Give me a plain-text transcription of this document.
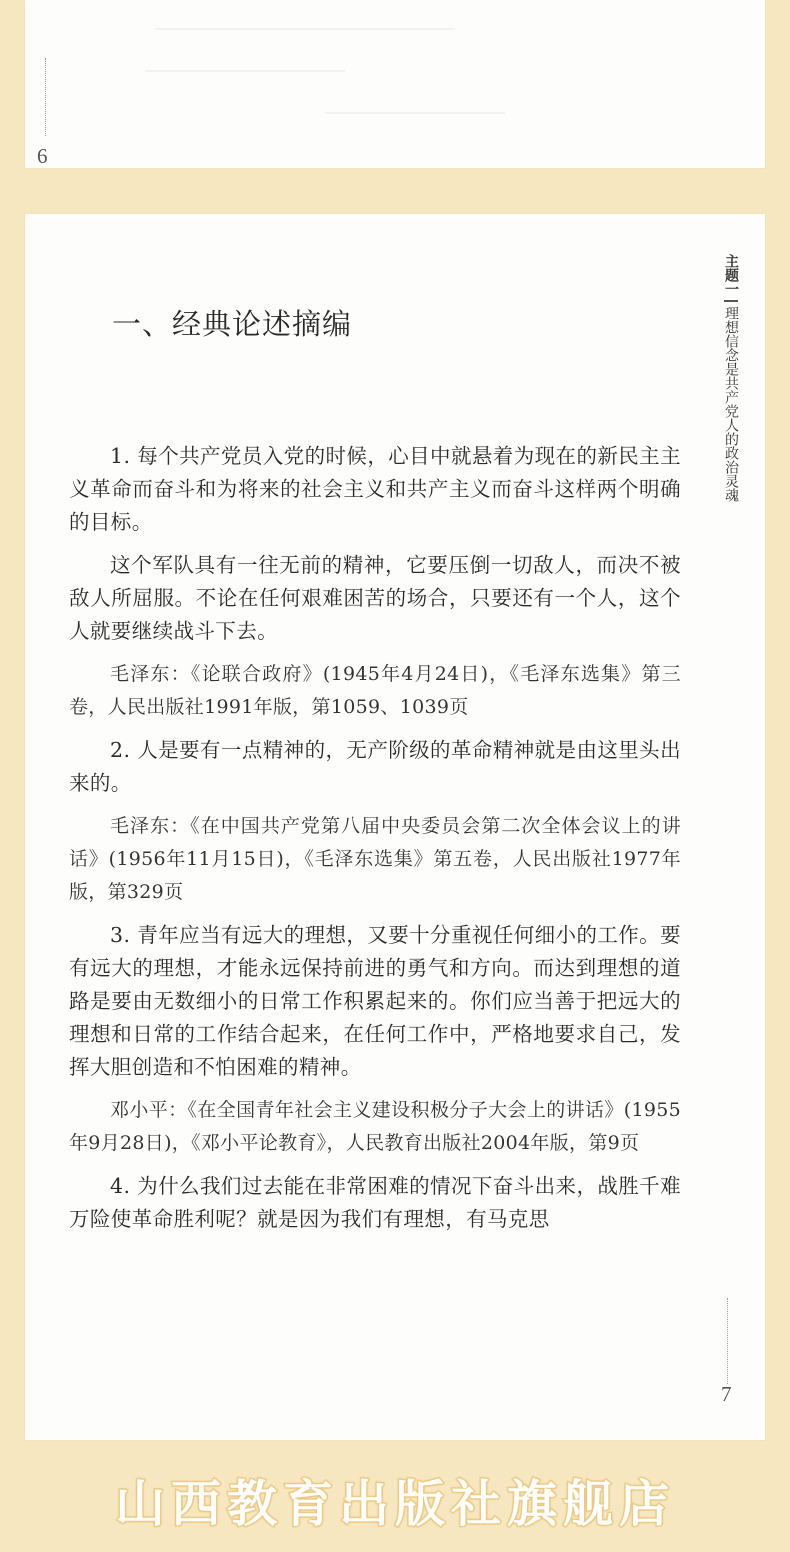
6
主题一
理想信念是共产党人的政治灵魂
一、经典论述摘编

1. 每个共产党员入党的时候，心目中就悬着为现在的新民主主义革命而奋斗和为将来的社会主义和共产主义而奋斗这样两个明确的目标。

这个军队具有一往无前的精神，它要压倒一切敌人，而决不被敌人所屈服。不论在任何艰难困苦的场合，只要还有一个人，这个人就要继续战斗下去。

毛泽东：《论联合政府》(1945年4月24日)，《毛泽东选集》第三卷，人民出版社1991年版，第1059、1039页

2. 人是要有一点精神的，无产阶级的革命精神就是由这里头出来的。

毛泽东：《在中国共产党第八届中央委员会第二次全体会议上的讲话》(1956年11月15日)，《毛泽东选集》第五卷，人民出版社1977年版，第329页

3. 青年应当有远大的理想，又要十分重视任何细小的工作。要有远大的理想，才能永远保持前进的勇气和方向。而达到理想的道路是要由无数细小的日常工作积累起来的。你们应当善于把远大的理想和日常的工作结合起来，在任何工作中，严格地要求自己，发挥大胆创造和不怕困难的精神。

邓小平：《在全国青年社会主义建设积极分子大会上的讲话》(1955年9月28日)，《邓小平论教育》，人民教育出版社2004年版，第9页

4. 为什么我们过去能在非常困难的情况下奋斗出来，战胜千难万险使革命胜利呢？就是因为我们有理想，有马克思

7
山西教育出版社旗舰店
